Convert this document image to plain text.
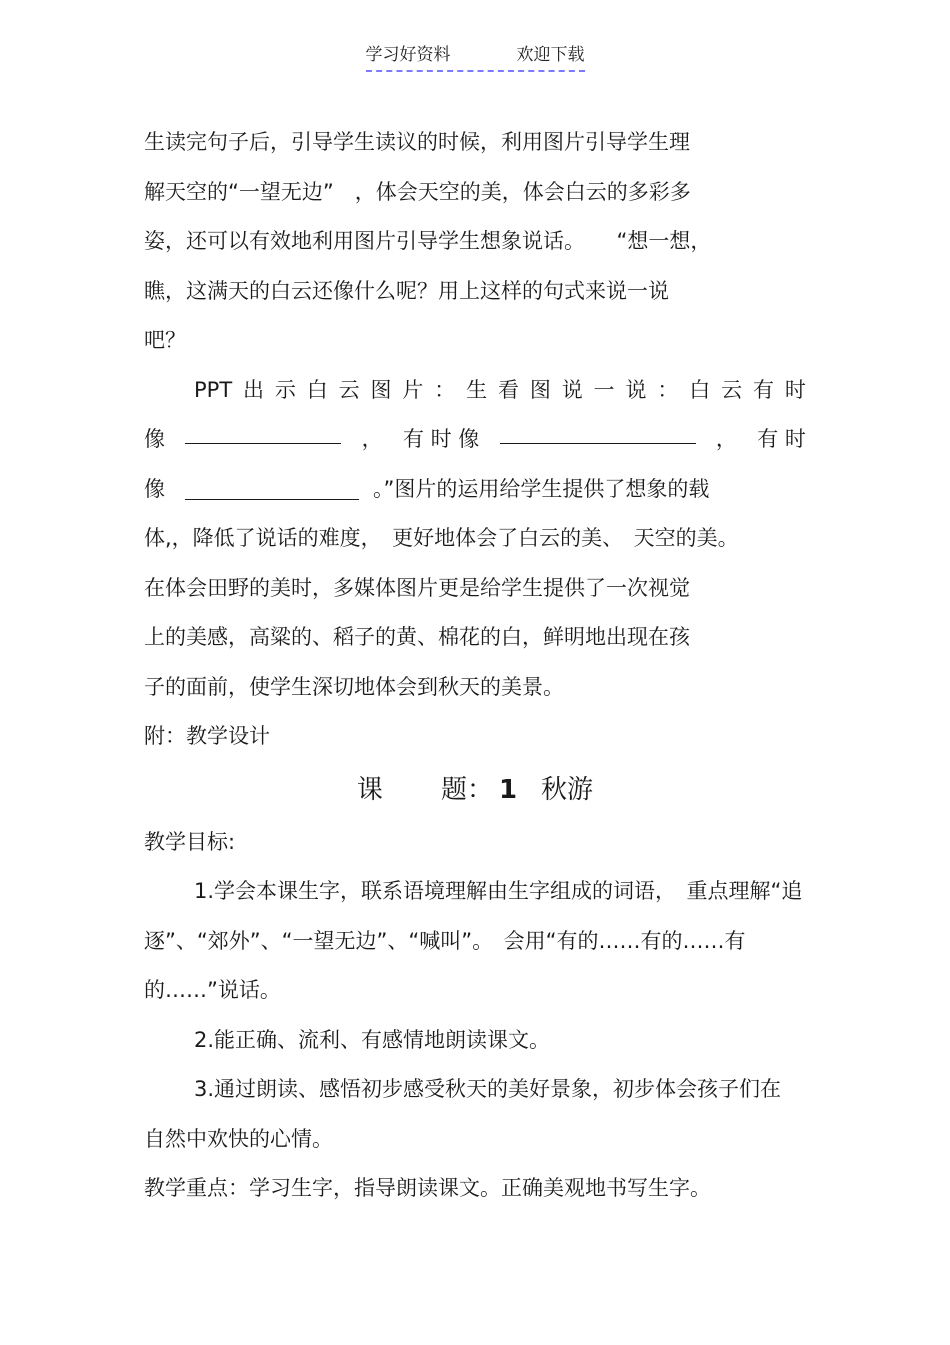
学习好资料	欢迎下载
生读完句子后，引导学生读议的时候，利用图片引导学生理
解天空的“一望无边”　，体会天空的美，体会白云的多彩多
姿，还可以有效地利用图片引导学生想象说话。　　“想一想，
瞧，这满天的白云还像什么呢？用上这样的句式来说一说
吧？
PPT 出 示 白 云 图 片 ： 生 看 图 说 一 说 ： 白 云 有 时
像	， 有 时 像	， 有 时
像	。”图片的运用给学生提供了想象的载
体,，降低了说话的难度，　更好地体会了白云的美、　天空的美。
在体会田野的美时，多媒体图片更是给学生提供了一次视觉
上的美感，高粱的、稻子的黄、棉花的白，鲜明地出现在孩
子的面前，使学生深切地体会到秋天的美景。
附：教学设计
课 题： 1 秋游
教学目标:
1.学会本课生字，联系语境理解由生字组成的词语，　重点理解“追
逐”、“郊外”、“一望无边”、“喊叫”。　会用“有的……有的……有
的……”说话。
2.能正确、流利、有感情地朗读课文。
3.通过朗读、感悟初步感受秋天的美好景象，初步体会孩子们在
自然中欢快的心情。
教学重点：学习生字，指导朗读课文。正确美观地书写生字。
